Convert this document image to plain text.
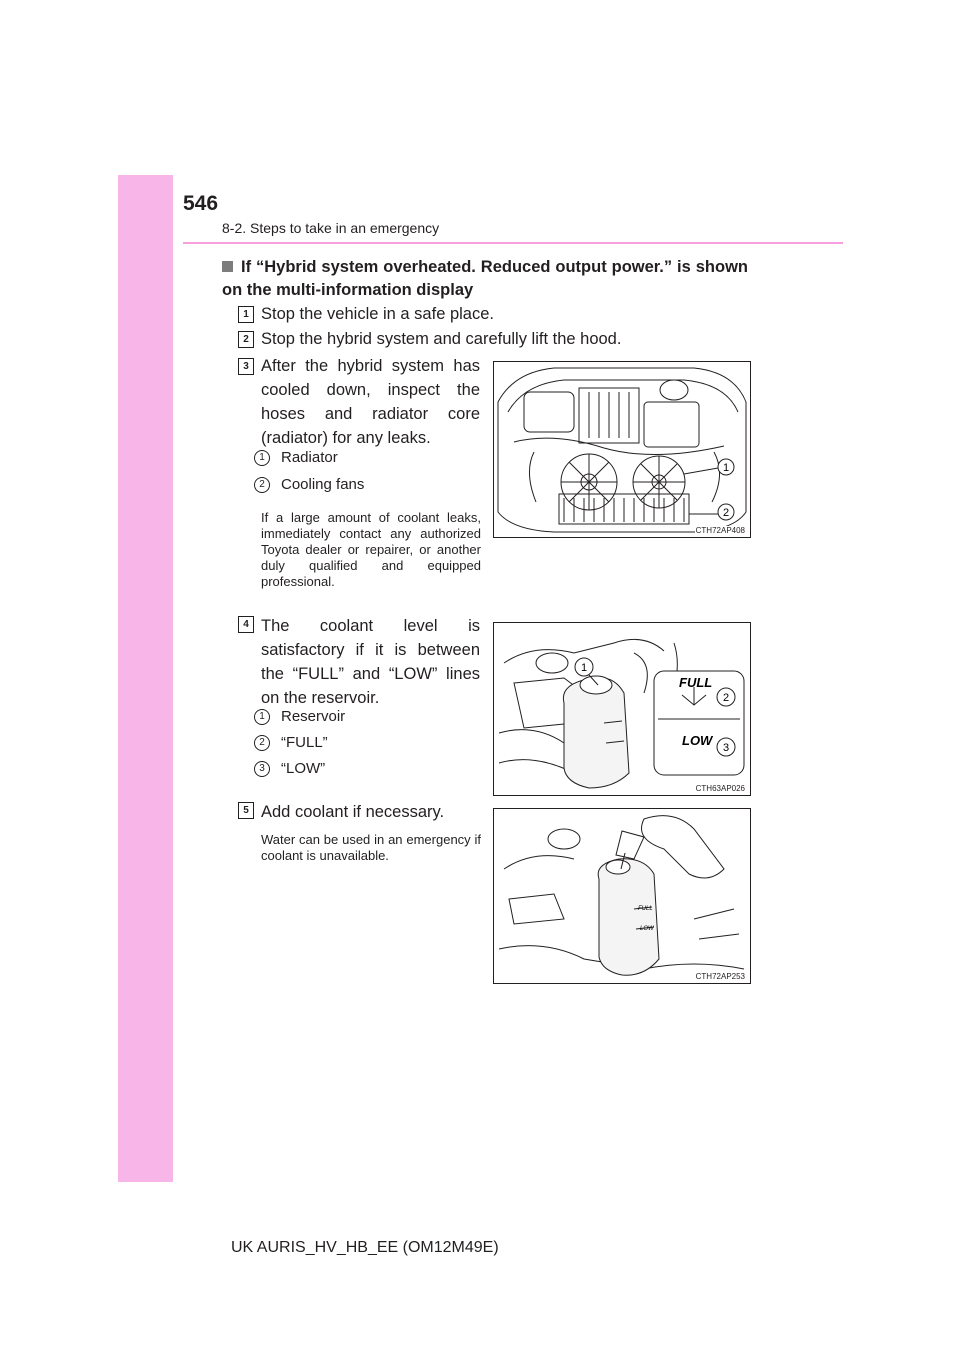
546
8-2. Steps to take in an emergency
If “Hybrid system overheated. Reduced output power.” is shown on the multi-information display
1 Stop the vehicle in a safe place.
2 Stop the hybrid system and carefully lift the hood.
3 After the hybrid system has cooled down, inspect the hoses and radiator core (radiator) for any leaks.
1	Radiator
2	Cooling fans
If a large amount of coolant leaks, immediately contact any authorized Toyota dealer or repairer, or another duly qualified and equipped professional.
1
2
CTH72AP408
4 The coolant level is satisfactory if it is between the “FULL” and “LOW” lines on the reservoir.
1	Reservoir
2	“FULL”
3	“LOW”
FULL
LOW
1
2
3
CTH63AP026
5 Add coolant if necessary.
Water can be used in an emergency if coolant is unavailable.
FULL
LOW
CTH72AP253
UK AURIS_HV_HB_EE (OM12M49E)
